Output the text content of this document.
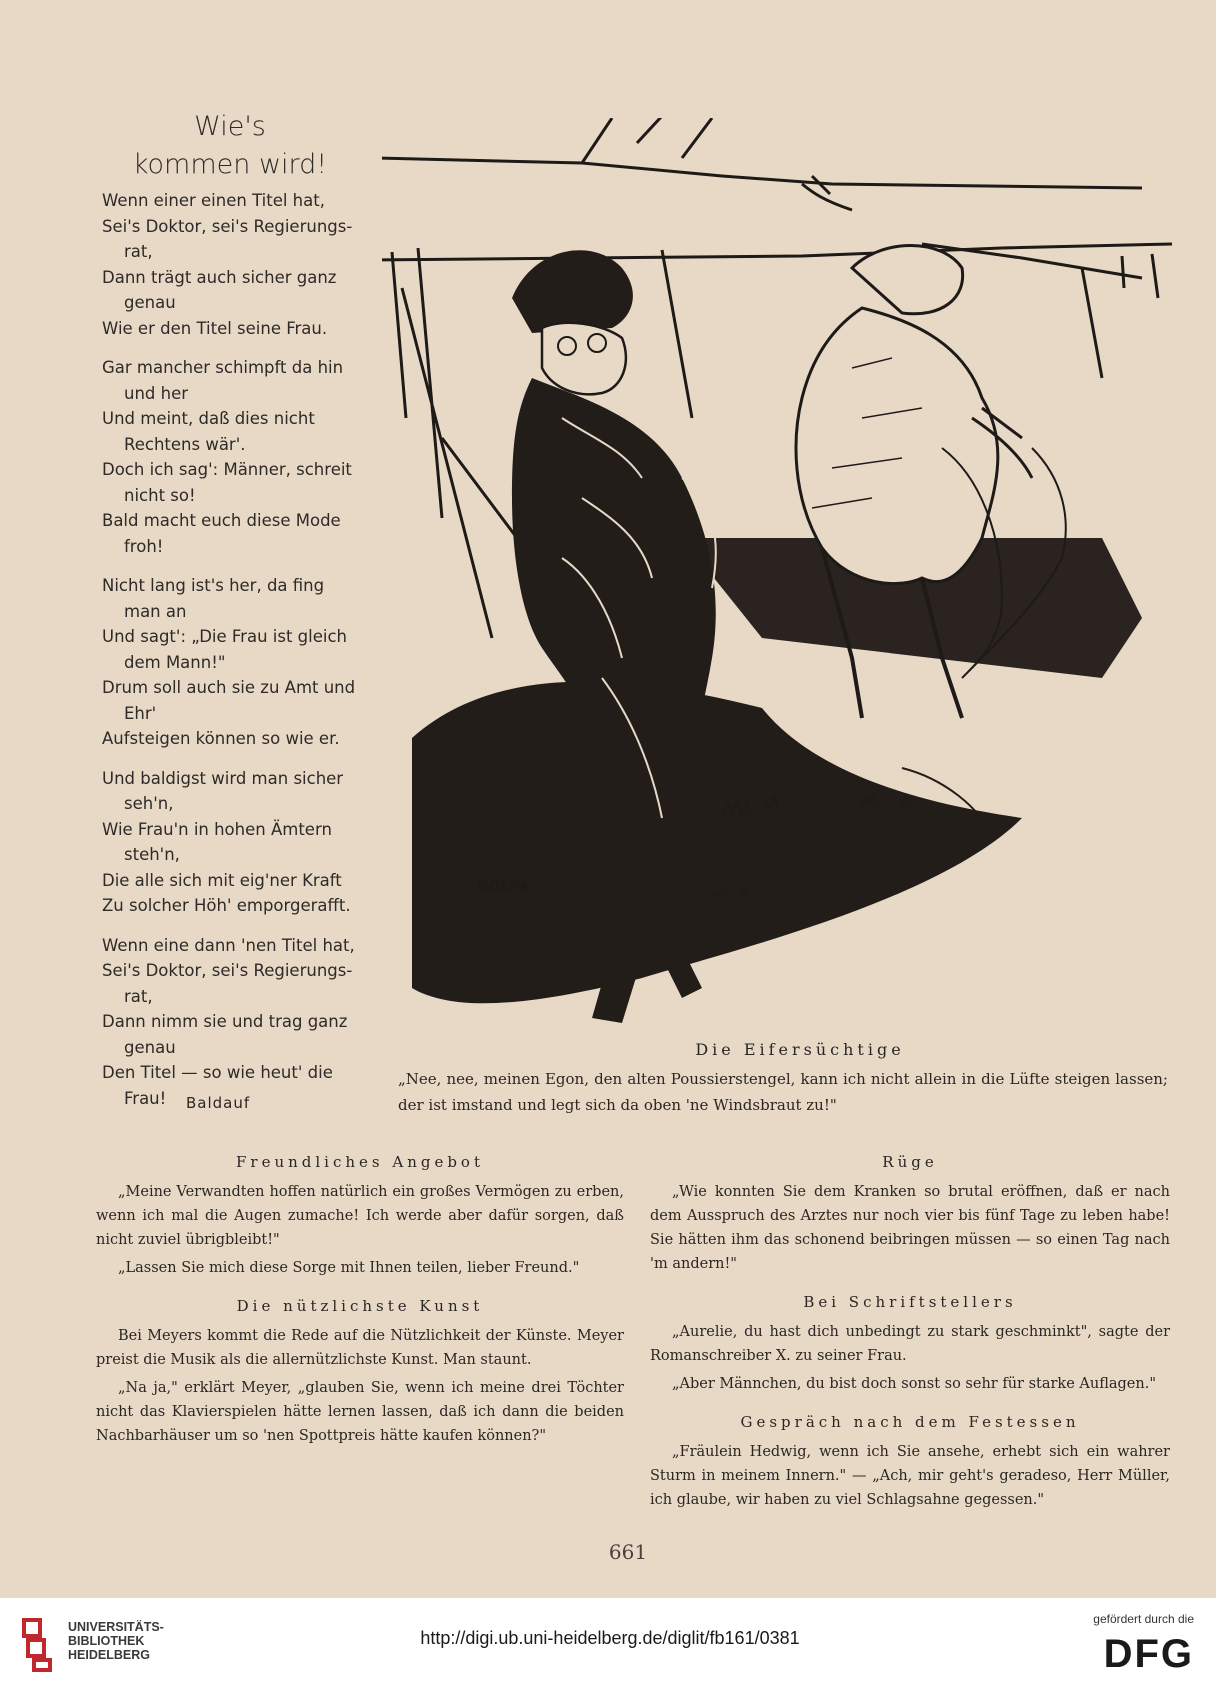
Wie's
kommen wird!
Wenn einer einen Titel hat,
Sei's Doktor, sei's Regierungs-rat,
Dann trägt auch sicher ganz genau
Wie er den Titel seine Frau.
Gar mancher schimpft da hin und her
Und meint, daß dies nicht Rechtens wär'.
Doch ich sag': Männer, schreit nicht so!
Bald macht euch diese Mode froh!
Nicht lang ist's her, da fing man an
Und sagt': „Die Frau ist gleich dem Mann!"
Drum soll auch sie zu Amt und Ehr'
Aufsteigen können so wie er.
Und baldigst wird man sicher seh'n,
Wie Frau'n in hohen Ämtern steh'n,
Die alle sich mit eig'ner Kraft
Zu solcher Höh' emporgerafft.
Wenn eine dann 'nen Titel hat,
Sei's Doktor, sei's Regierungs-rat,
Dann nimm sie und trag ganz genau
Den Titel — so wie heut' die Frau!	Baldauf
NOLPA
Die Eifersüchtige
„Nee, nee, meinen Egon, den alten Poussierstengel, kann ich nicht allein in die Lüfte steigen lassen; der ist imstand und legt sich da oben 'ne Windsbraut zu!"
Freundliches Angebot

„Meine Verwandten hoffen natürlich ein großes Vermögen zu erben, wenn ich mal die Augen zumache! Ich werde aber dafür sorgen, daß nicht zuviel übrigbleibt!"

„Lassen Sie mich diese Sorge mit Ihnen teilen, lieber Freund."

Die nützlichste Kunst

Bei Meyers kommt die Rede auf die Nützlichkeit der Künste. Meyer preist die Musik als die allernützlichste Kunst. Man staunt.

„Na ja," erklärt Meyer, „glauben Sie, wenn ich meine drei Töchter nicht das Klavierspielen hätte lernen lassen, daß ich dann die beiden Nachbarhäuser um so 'nen Spottpreis hätte kaufen können?"

Rüge

„Wie konnten Sie dem Kranken so brutal eröffnen, daß er nach dem Ausspruch des Arztes nur noch vier bis fünf Tage zu leben habe! Sie hätten ihm das schonend beibringen müssen — so einen Tag nach 'm andern!"

Bei Schriftstellers

„Aurelie, du hast dich unbedingt zu stark geschminkt", sagte der Romanschreiber X. zu seiner Frau.

„Aber Männchen, du bist doch sonst so sehr für starke Auflagen."

Gespräch nach dem Festessen

„Fräulein Hedwig, wenn ich Sie ansehe, erhebt sich ein wahrer Sturm in meinem Innern." — „Ach, mir geht's geradeso, Herr Müller, ich glaube, wir haben zu viel Schlagsahne gegessen."

661
UNIVERSITÄTS-
BIBLIOTHEK
HEIDELBERG
http://digi.ub.uni-heidelberg.de/diglit/fb161/0381
gefördert durch die
DFG
